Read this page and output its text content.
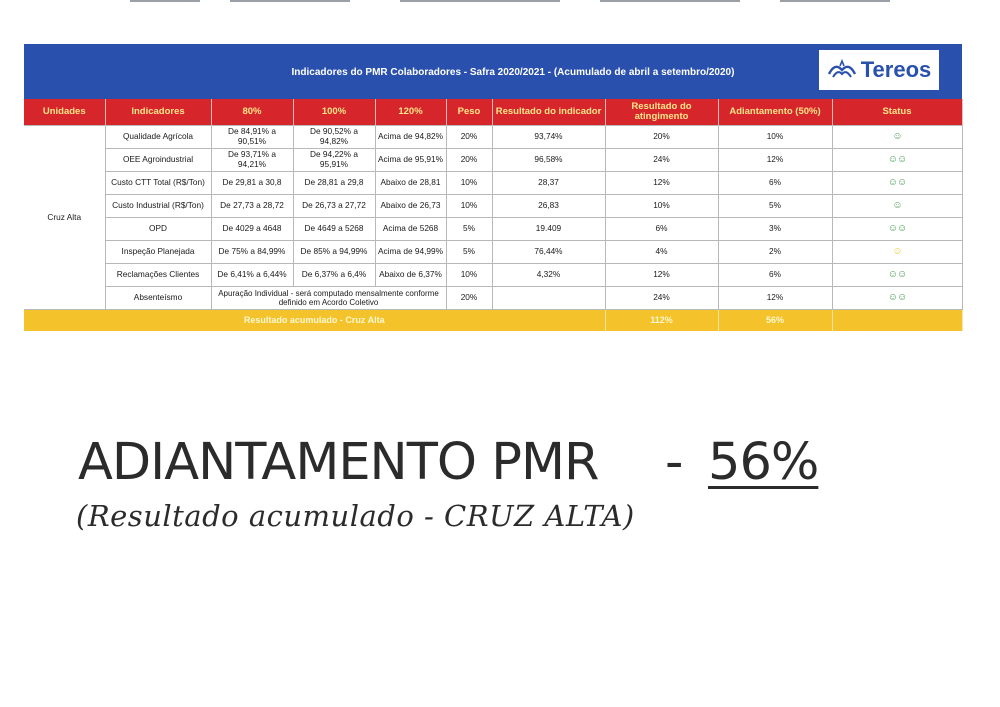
Indicadores do PMR Colaboradores - Safra 2020/2021 - (Acumulado de abril a setembro/2020)	Tereos
Unidades	Indicadores	80%	100%	120%	Peso	Resultado do indicador	Resultado do atingimento	Adiantamento (50%)	Status
Cruz Alta	Qualidade Agrícola	De 84,91% a 90,51%	De 90,52% a 94,82%	Acima de 94,82%	20%	93,74%	20%	10%	☺
	OEE Agroindustrial	De 93,71% a 94,21%	De 94,22% a 95,91%	Acima de 95,91%	20%	96,58%	24%	12%	☺☺
	Custo CTT Total (R$/Ton)	De 29,81 a 30,8	De 28,81 a 29,8	Abaixo de 28,81	10%	28,37	12%	6%	☺☺
	Custo Industrial (R$/Ton)	De 27,73 a 28,72	De 26,73 a 27,72	Abaixo de 26,73	10%	26,83	10%	5%	☺
	OPD	De 4029 a 4648	De 4649 a 5268	Acima de 5268	5%	19.409	6%	3%	☺☺
	Inspeção Planejada	De 75% a 84,99%	De 85% a 94,99%	Acima de 94,99%	5%	76,44%	4%	2%	☺
	Reclamações Clientes	De 6,41% a 6,44%	De 6,37% a 6,4%	Abaixo de 6,37%	10%	4,32%	12%	6%	☺☺
	Absenteísmo	Apuração Individual - será computado mensalmente conforme definido em Acordo Coletivo			20%		24%	12%	☺☺
Resultado acumulado - Cruz Alta							112%	56%	
ADIANTAMENTO PMR - 56%
(Resultado acumulado - CRUZ ALTA)
